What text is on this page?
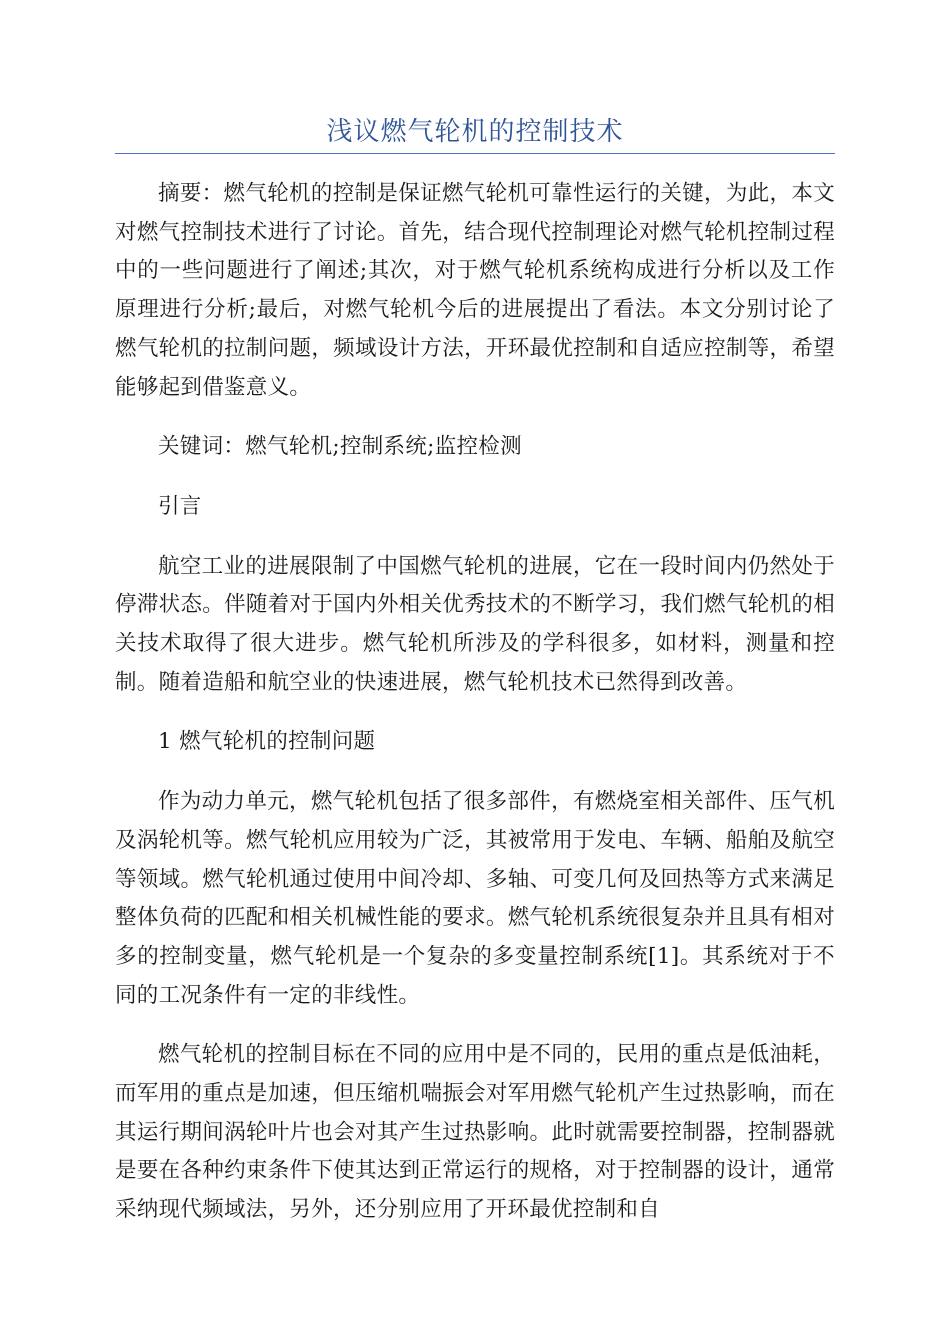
浅议燃气轮机的控制技术

摘要：燃气轮机的控制是保证燃气轮机可靠性运行的关键，为此，本文对燃气控制技术进行了讨论。首先，结合现代控制理论对燃气轮机控制过程中的一些问题进行了阐述;其次，对于燃气轮机系统构成进行分析以及工作原理进行分析;最后，对燃气轮机今后的进展提出了看法。本文分别讨论了燃气轮机的拉制问题，频域设计方法，开环最优控制和自适应控制等，希望能够起到借鉴意义。

关键词：燃气轮机;控制系统;监控检测

引言

航空工业的进展限制了中国燃气轮机的进展，它在一段时间内仍然处于停滞状态。伴随着对于国内外相关优秀技术的不断学习，我们燃气轮机的相关技术取得了很大进步。燃气轮机所涉及的学科很多，如材料，测量和控制。随着造船和航空业的快速进展，燃气轮机技术已然得到改善。

1 燃气轮机的控制问题

作为动力单元，燃气轮机包括了很多部件，有燃烧室相关部件、压气机及涡轮机等。燃气轮机应用较为广泛，其被常用于发电、车辆、船舶及航空等领域。燃气轮机通过使用中间冷却、多轴、可变几何及回热等方式来满足整体负荷的匹配和相关机械性能的要求。燃气轮机系统很复杂并且具有相对多的控制变量，燃气轮机是一个复杂的多变量控制系统[1]。其系统对于不同的工况条件有一定的非线性。

燃气轮机的控制目标在不同的应用中是不同的，民用的重点是低油耗，而军用的重点是加速，但压缩机喘振会对军用燃气轮机产生过热影响，而在其运行期间涡轮叶片也会对其产生过热影响。此时就需要控制器，控制器就是要在各种约束条件下使其达到正常运行的规格，对于控制器的设计，通常采纳现代频域法，另外，还分别应用了开环最优控制和自
